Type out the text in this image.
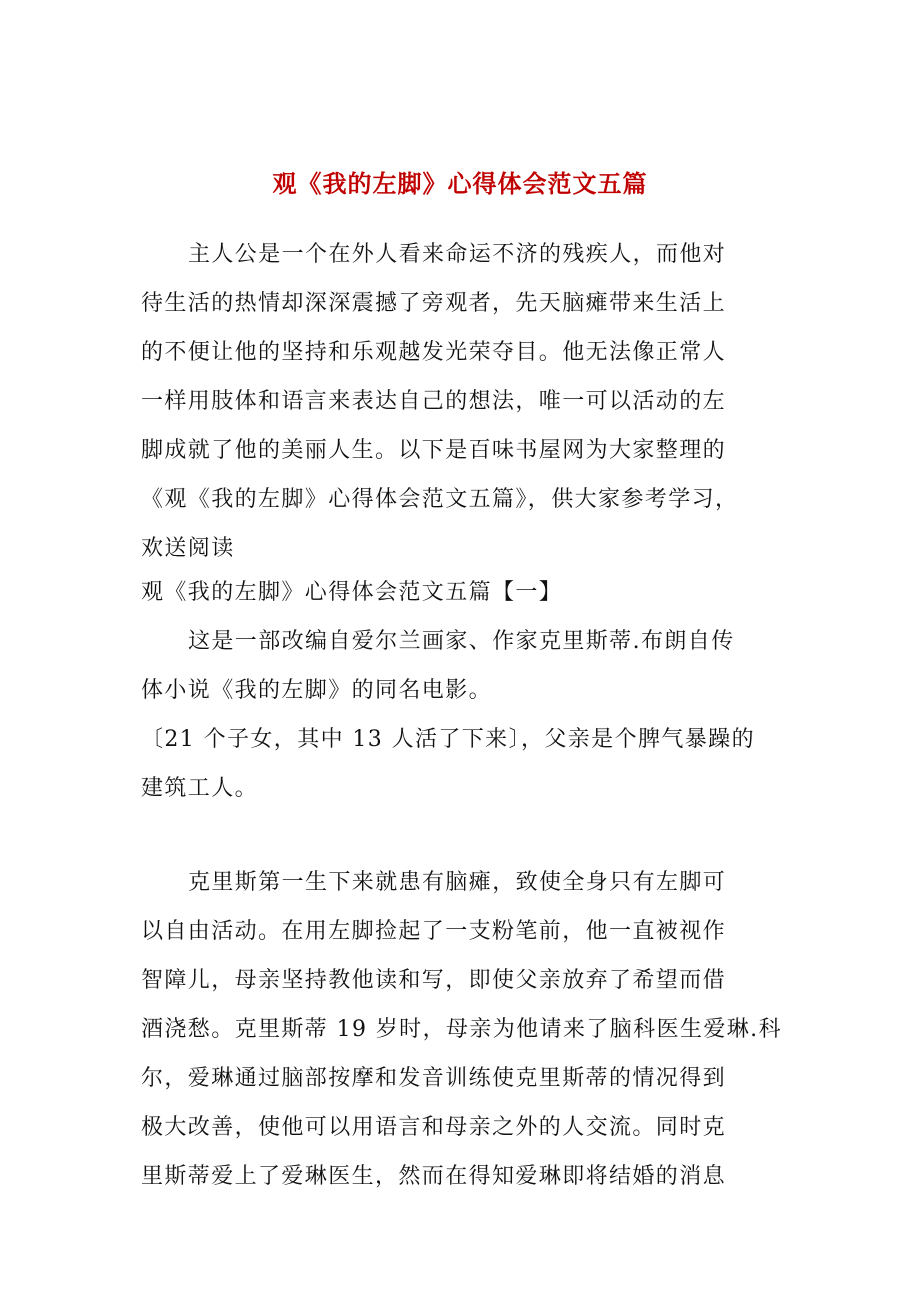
观《我的左脚》心得体会范文五篇
主人公是一个在外人看来命运不济的残疾人，而他对
待生活的热情却深深震撼了旁观者，先天脑瘫带来生活上
的不便让他的坚持和乐观越发光荣夺目。他无法像正常人
一样用肢体和语言来表达自己的想法，唯一可以活动的左
脚成就了他的美丽人生。以下是百味书屋网为大家整理的
《观《我的左脚》心得体会范文五篇》，供大家参考学习，
欢送阅读
观《我的左脚》心得体会范文五篇【一】
这是一部改编自爱尔兰画家、作家克里斯蒂.布朗自传
体小说《我的左脚》的同名电影。
〔21 个子女，其中 13 人活了下来〕，父亲是个脾气暴躁的
建筑工人。
克里斯第一生下来就患有脑瘫，致使全身只有左脚可
以自由活动。在用左脚捡起了一支粉笔前，他一直被视作
智障儿，母亲坚持教他读和写，即使父亲放弃了希望而借
酒浇愁。克里斯蒂 19 岁时，母亲为他请来了脑科医生爱琳.科
尔，爱琳通过脑部按摩和发音训练使克里斯蒂的情况得到
极大改善，使他可以用语言和母亲之外的人交流。同时克
里斯蒂爱上了爱琳医生，然而在得知爱琳即将结婚的消息
